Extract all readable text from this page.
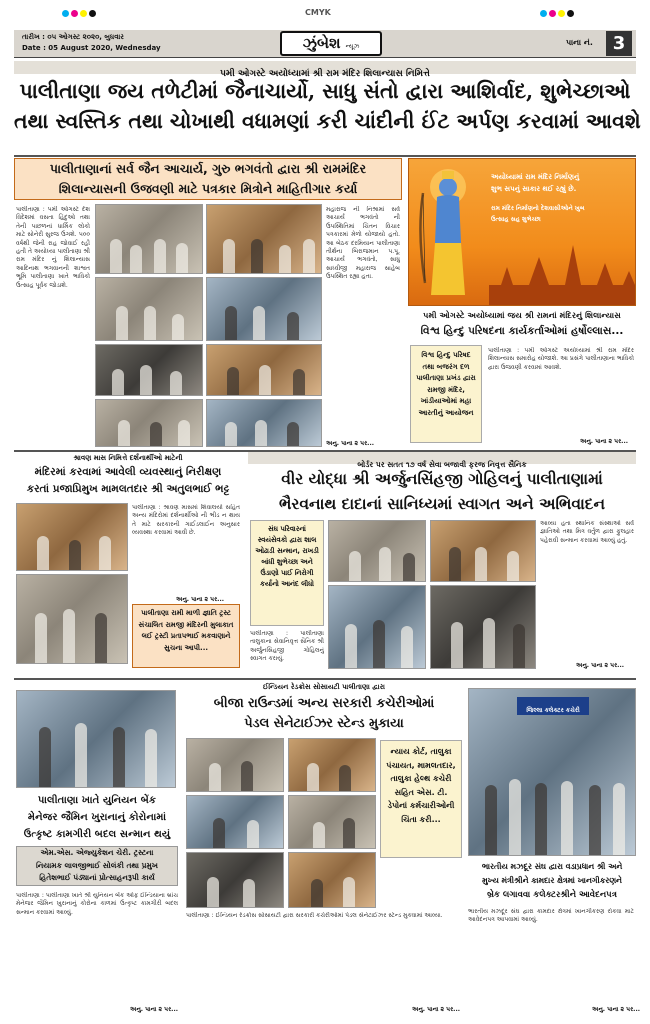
CMYK
તારીખ : ૦૫ ઓગસ્ટ ૨૦૨૦, બુધવાર
Date : 05 August 2020, Wednesday	ઝુંબેશ ન્યૂઝ	પાના નં.	3
પમી ઓગસ્ટે અયોધ્યામાં શ્રી રામ મંદિર શિલાન્યાસ નિમિત્તે
પાલીતાણા જય તળેટીમાં જૈનાચાર્યો, સાધુ સંતો દ્વારા આશિર્વાદ, શુભેચ્છાઓ
તથા સ્વસ્તિક તથા ચોખાથી વધામણાં કરી ચાંદીની ઈંટ અર્પણ કરવામાં આવશે
પાલીતાણાનાં સર્વ જૈન આચાર્ય, ગુરુ ભગવંતો દ્વારા શ્રી રામમંદિર
શિલાન્યાસની ઉજવણી માટે પત્રકાર મિત્રોને માહિતીગાર કર્યા
પાલીતાણા : પમી ઓગસ્ટે દેશ વિદેશમાં વસતા હિંદુઓ તથા તેની પાછળનાં ધાર્મિક લોકો માટે સોનેરી સુરજ ઉગશે. ૫૦૦ વર્ષથી જેની રાહ જોવાઈ રહી હતી તે અયોધ્યા પાલીતાણા શ્રી રામ મંદિર નું શિલાન્યાસ આદિનાથ ભગવાનની શાશ્વત ભૂમિ પાલીતાણા ખાતે ભાવિકો ઉત્સાહ પૂર્વક જોડાશે.
મહારાજ ની નિશ્રામાં સર્વે આચાર્ય ભગવંતો ની ઉપસ્થિતિમાં ચિંતન વિચાર પત્રકારમાં મેળો યોજાયો હતો. આ બેઠક દરમિયાન પાલીતાણા તીર્થના બિરાજમાન પ.પૂ. આચાર્ય ભગવંતો, સાધુ સાધ્વીજી મહારાજ સાહેબ ઉપસ્થિત રહ્યા હતા.
અનુ. પાના ૨ પર...
અયોધ્યામાં રામ મંદિર નિર્માણનું
શુભ સપનું સાકાર થઈ રહ્યું છે.
રામ મંદિર નિર્માણનો દેશવાસીઓને ખુબ
ઉત્સાહ સહ શુભેચ્છા
પમી ઓગસ્ટે અયોધ્યામાં જય શ્રી રામનાં મંદિરનું શિલાન્યાસ
વિશ્વ હિન્દુ પરિષદના કાર્યકર્તાઓમાં હર્ષોલ્લાસ...
વિશ્વ હિન્દુ પરિષદ તથા બજરંગ દળ પાલીતાણા પ્રખંડ દ્વારા રામજી મંદિર, ખાંડીયાઓમાં મહા આરતીનું આયોજન
પાલીતાણા : પમી ઓગસ્ટે અયોધ્યામાં શ્રી રામ મંદિર શિલાન્યાસ સમારોહ યોજાશે. આ પ્રસંગે પાલીતાણાના ભાવિકો દ્વારા ઉજવણી કરવામાં આવશે.
અનુ. પાના ૨ પર...
શ્રાવણ માસ નિમિત્તે દર્શનાર્થીઓ માટેની
મંદિરમાં કરવામાં આવેલી વ્યવસ્થાનું નિરીક્ષણ
કરતાં પ્રજાપ્રિમુખ મામલતદાર શ્રી અતુલભાઈ ભટ્ટ
પાલીતાણા : શ્રાવણ માસમાં શિવાલયો સહિત અન્ય મંદિરોમાં દર્શનાર્થીઓ ની ભીડ ન થાય તે માટે સરકારની ગાઈડલાઈન અનુસાર વ્યવસ્થા કરવામાં આવી છે.
અનુ. પાના ૨ પર...
પાલીતાણા રામી માળી જ્ઞાતિ ટ્રસ્ટ સંચાલિત રામજી મંદિરની મુલાકાત લઈ ટ્રસ્ટી પ્રતાપભાઈ મકવાણાને સુચના આપી...
બોર્ડર પર સતત ૧૭ વર્ષ સેવા બજાવી ફરજ નિવૃત્ત સૈનિક
વીર યોદ્ધા શ્રી અર્જુનસિંહજી ગોહિલનું પાલીતાણામાં
ભૈરવનાથ દાદાનાં સાનિધ્યમાં સ્વાગત અને અભિવાદન
સંઘ પરિવારનાં સ્વયંસેવકો દ્વારા શાલ ઓઢાડી સન્માન, રાખડી બાંધી શુભેચ્છા અને ઉંડાણો પાઈ નિરોગી કર્યાનો આનંદ લીધો
પાલીતાણા : પાલીતાણા તાલુકાના સેવાનિવૃત્ત સૈનિક શ્રી અર્જુનસિંહજી ગોહિલનું સ્વાગત કરાયું.
આવ્યા હતા સ્થાનિક સંસ્થાઓ સર્વ જ્ઞાતિઓ તથા મિત્ર વર્તુળ દ્વારા ફુલહાર પહેરાવી સન્માન કરવામાં આવ્યું હતું.
અનુ. પાના ૨ પર...
પાલીતાણા ખાતે યુનિયન બેંક
મેનેજર જૈમિન ખુરાનાનું કોરોનામાં
ઉત્કૃષ્ટ કામગીરી બદલ સન્માન થયું
એમ.એસ. એજ્યુકેશન ચેરી. ટ્રસ્ટના
નિયામક લાલજીભાઈ સોલંકી તથા પ્રમુખ
હિતેશભાઈ પંડ્યાનાં પ્રોત્સાહનરૂપી કાર્ય
પાલીતાણા : પાલીતાણા ખાતે શ્રી યુનિયન બેંક ઓફ ઈન્ડિયાના બ્રાંચ મેનેજર જૈમિન ખુરાનાનું કોરોના કાળમાં ઉત્કૃષ્ટ કામગીરી બદલ સન્માન કરવામાં આવ્યું.
અનુ. પાના ૨ પર...
ઈન્ડિયન રેડક્રોસ સોસાયટી પાલીતાણા દ્વારા
બીજા રાઉન્ડમાં અન્ય સરકારી કચેરીઓમાં
પેડલ સેનેટાઈઝર સ્ટેન્ડ મુકાયા
ન્યાય કોર્ટ, તાલુકા પંચાયત, મામલતદાર, તાલુકા હેલ્થ કચેરી સહિત એસ. ટી. ડેપોનાં કર્મચારીઓની ચિંતા કરી...
પાલીતાણા : ઈન્ડિયન રેડક્રોસ સોસાયટી દ્વારા સરકારી કચેરીઓમાં પેડલ સેનેટાઈઝર સ્ટેન્ડ મુકવામાં આવ્યા.
અનુ. પાના ૨ પર...
જિલ્લા કલેક્ટર કચેરી
ભારતીય મઝદૂર સંઘ દ્વારા વડાપ્રધાન શ્રી અને
મુખ્ય મંત્રીશ્રીને કામદાર ક્ષેત્રમાં ખાનગીકરણને
બ્રેક લગાવવા કલેક્ટરશ્રીને આવેદનપત્ર
ભારતીય મઝદૂર સંઘ દ્વારા કામદાર ક્ષેત્રમાં ખાનગીકરણ રોકવા માટે આવેદનપત્ર આપવામાં આવ્યું.
અનુ. પાના ૨ પર...
